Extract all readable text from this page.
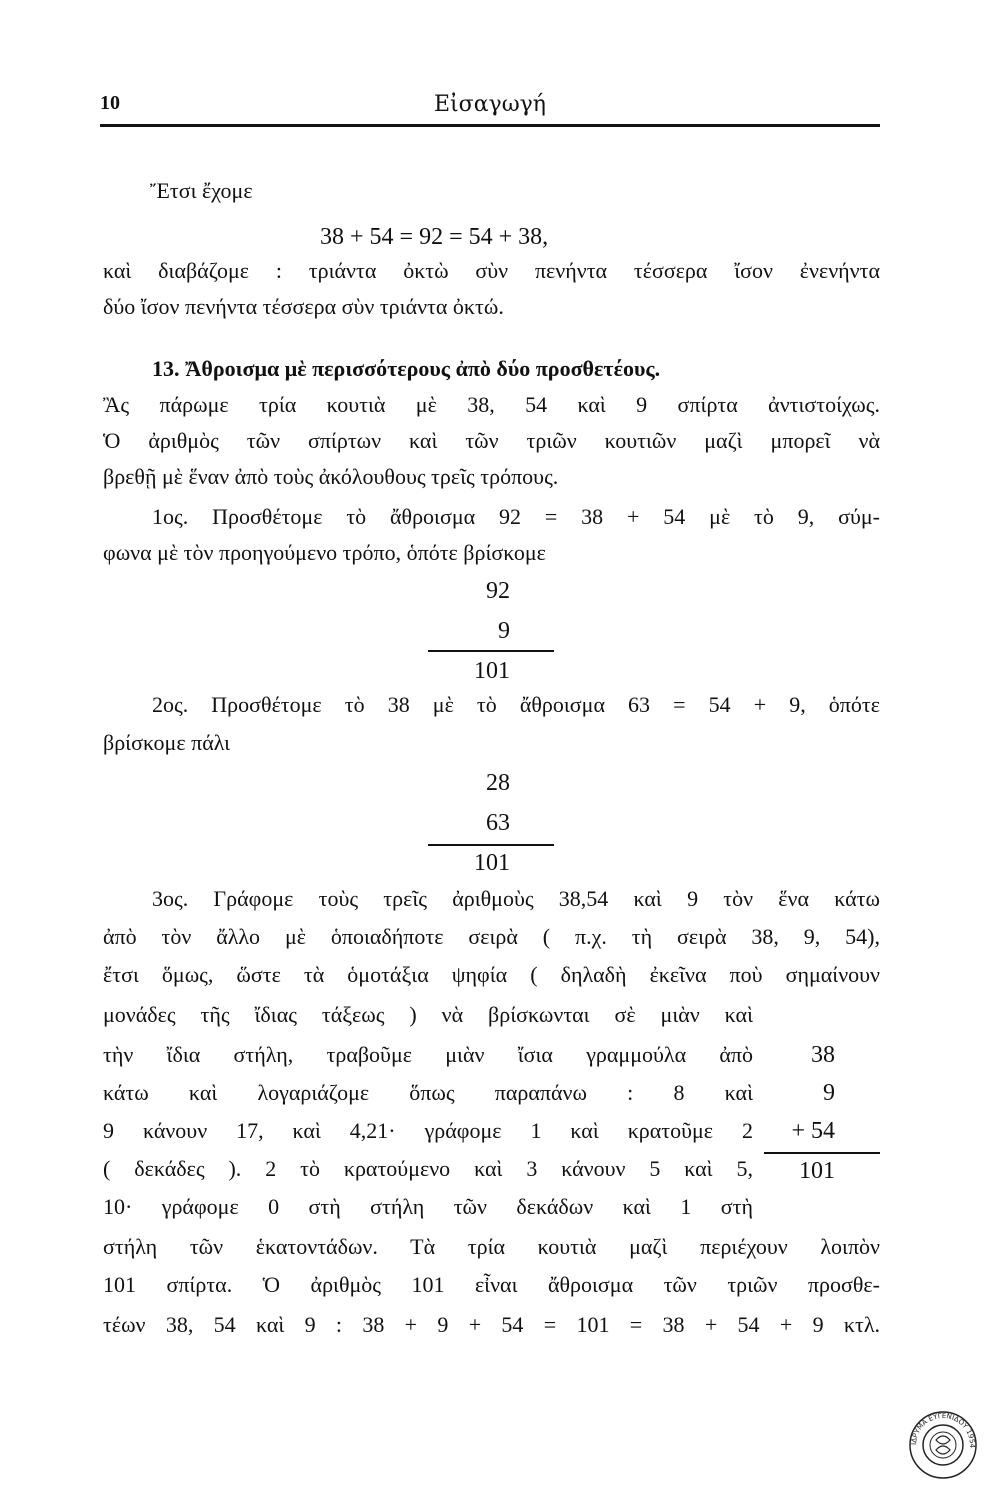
10	Εἰσαγωγή
Ἔτσι ἔχομε
38 + 54 = 92 = 54 + 38,
καὶ διαβάζομε : τριάντα ὀκτὼ σὺν πενήντα τέσσερα ἴσον ἐνενήντα
δύο ἴσον πενήντα τέσσερα σὺν τριάντα ὀκτώ.
13. Ἄθροισμα μὲ περισσότερους ἀπὸ δύο προσθετέους.
Ἂς πάρωμε τρία κουτιὰ μὲ 38, 54 καὶ 9 σπίρτα ἀντιστοίχως.
Ὁ ἀριθμὸς τῶν σπίρτων καὶ τῶν τριῶν κουτιῶν μαζὶ μπορεῖ νὰ
βρεθῇ μὲ ἕναν ἀπὸ τοὺς ἀκόλουθους τρεῖς τρόπους.
1ος. Προσθέτομε τὸ ἄθροισμα 92 = 38 + 54 μὲ τὸ 9, σύμ-
φωνα μὲ τὸν προηγούμενο τρόπο, ὁπότε βρίσκομε
92
9
101
2ος. Προσθέτομε τὸ 38 μὲ τὸ ἄθροισμα 63 = 54 + 9, ὁπότε
βρίσκομε πάλι
28
63
101
3ος. Γράφομε τοὺς τρεῖς ἀριθμοὺς 38,54 καὶ 9 τὸν ἕνα κάτω
ἀπὸ τὸν ἄλλο μὲ ὁποιαδήποτε σειρὰ ( π.χ. τὴ σειρὰ 38, 9, 54),
ἔτσι ὅμως, ὥστε τὰ ὁμοτάξια ψηφία ( δηλαδὴ ἐκεῖνα ποὺ σημαίνουν
μονάδες τῆς ἴδιας τάξεως ) νὰ βρίσκωνται σὲ μιὰν καὶ
τὴν ἴδια στήλη, τραβοῦμε μιὰν ἴσια γραμμούλα ἀπὸ
κάτω καὶ λογαριάζομε ὅπως παραπάνω : 8 καὶ
9 κάνουν 17, καὶ 4,21· γράφομε 1 καὶ κρατοῦμε 2
( δεκάδες ). 2 τὸ κρατούμενο καὶ 3 κάνουν 5 καὶ 5,
10· γράφομε 0 στὴ στήλη τῶν δεκάδων καὶ 1 στὴ
38
9
+ 54
101
στήλη τῶν ἑκατοντάδων. Τὰ τρία κουτιὰ μαζὶ περιέχουν λοιπὸν
101 σπίρτα. Ὁ ἀριθμὸς 101 εἶναι ἄθροισμα τῶν τριῶν προσθε-
τέων 38, 54 καὶ 9 : 38 + 9 + 54 = 101 = 38 + 54 + 9 κτλ.
ΙΔΡΥΜΑ ΕΥΓΕΝΙΔΟΥ 1954
